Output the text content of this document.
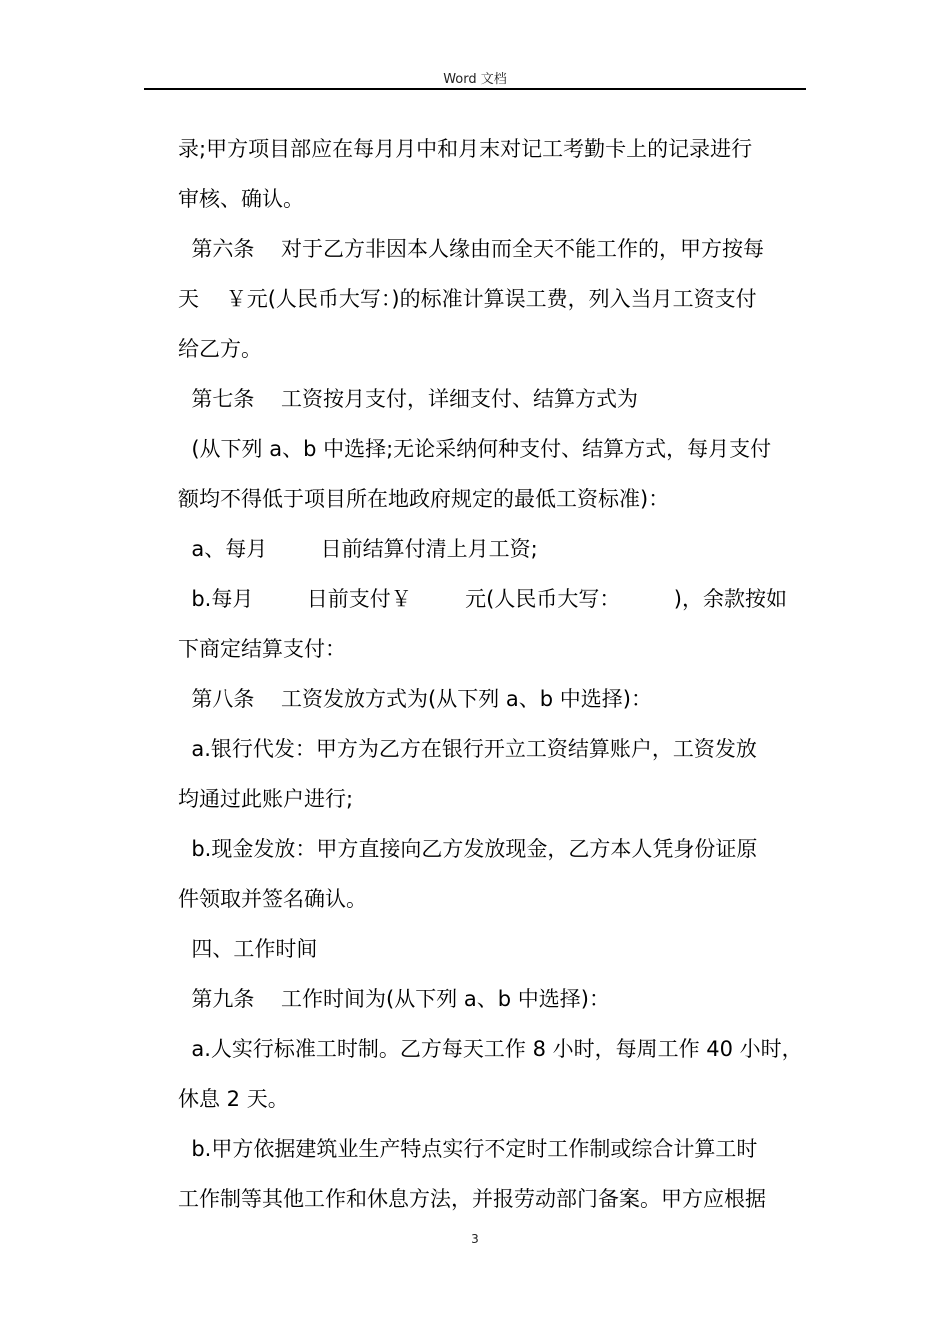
Word 文档
录;甲方项目部应在每月月中和月末对记工考勤卡上的记录进行
审核、确认。
第六条    对于乙方非因本人缘由而全天不能工作的，甲方按每
天    ￥元(人民币大写：)的标准计算误工费，列入当月工资支付
给乙方。
第七条    工资按月支付，详细支付、结算方式为
(从下列 a、b 中选择;无论采纳何种支付、结算方式，每月支付
额均不得低于项目所在地政府规定的最低工资标准)：
a、每月        日前结算付清上月工资;
b.每月        日前支付￥        元(人民币大写：        )，余款按如
下商定结算支付：
第八条    工资发放方式为(从下列 a、b 中选择)：
a.银行代发：甲方为乙方在银行开立工资结算账户，工资发放
均通过此账户进行;
b.现金发放：甲方直接向乙方发放现金，乙方本人凭身份证原
件领取并签名确认。
四、工作时间
第九条    工作时间为(从下列 a、b 中选择)：
a.人实行标准工时制。乙方每天工作 8 小时，每周工作 40 小时，
休息 2 天。
b.甲方依据建筑业生产特点实行不定时工作制或综合计算工时
工作制等其他工作和休息方法，并报劳动部门备案。甲方应根据
3
